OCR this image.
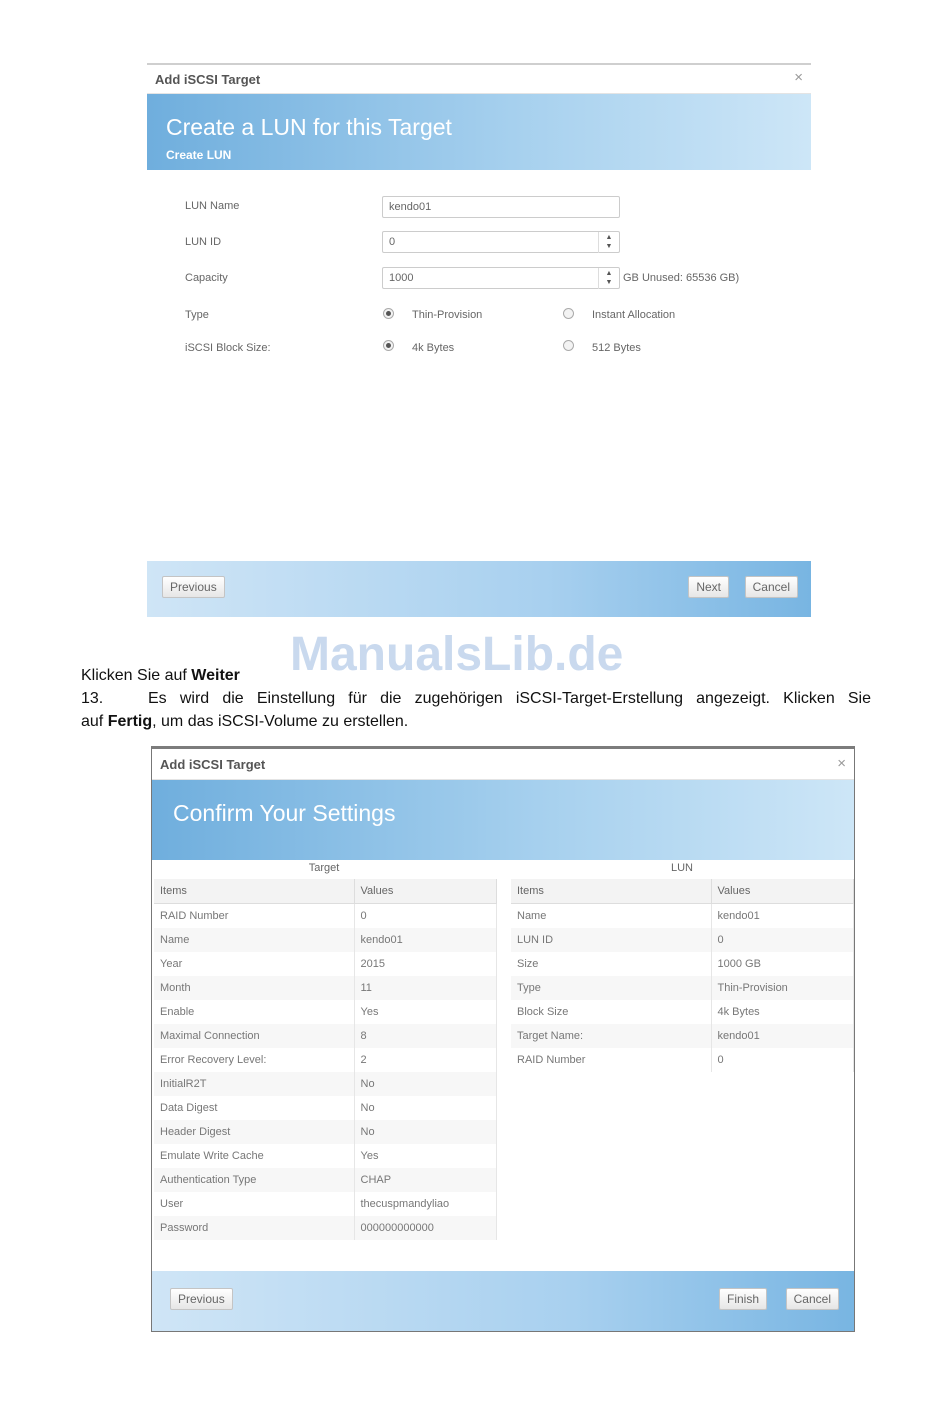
Add iSCSI Target	×
Create a LUN for this Target
Create LUN
LUN Name	kendo01
LUN ID	0	▲
▼
Capacity	1000	▲
▼ GB Unused: 65536 GB)
Type	Thin-Provision	Instant Allocation
iSCSI Block Size:	4k Bytes	512 Bytes
Previous	Next	Cancel
ManualsLib.de
Klicken Sie auf Weiter
13.	Es wird die Einstellung für die zugehörigen iSCSI-Target-Erstellung angezeigt. Klicken Sie
auf Fertig, um das iSCSI-Volume zu erstellen.
Add iSCSI Target	×
Confirm Your Settings
Target	LUN
Items	Values
RAID Number	0
Name	kendo01
Year	2015
Month	11
Enable	Yes
Maximal Connection	8
Error Recovery Level:	2
InitialR2T	No
Data Digest	No
Header Digest	No
Emulate Write Cache	Yes
Authentication Type	CHAP
User	thecuspmandyliao
Password	000000000000
Items	Values
Name	kendo01
LUN ID	0
Size	1000 GB
Type	Thin-Provision
Block Size	4k Bytes
Target Name:	kendo01
RAID Number	0
Previous	Finish	Cancel
